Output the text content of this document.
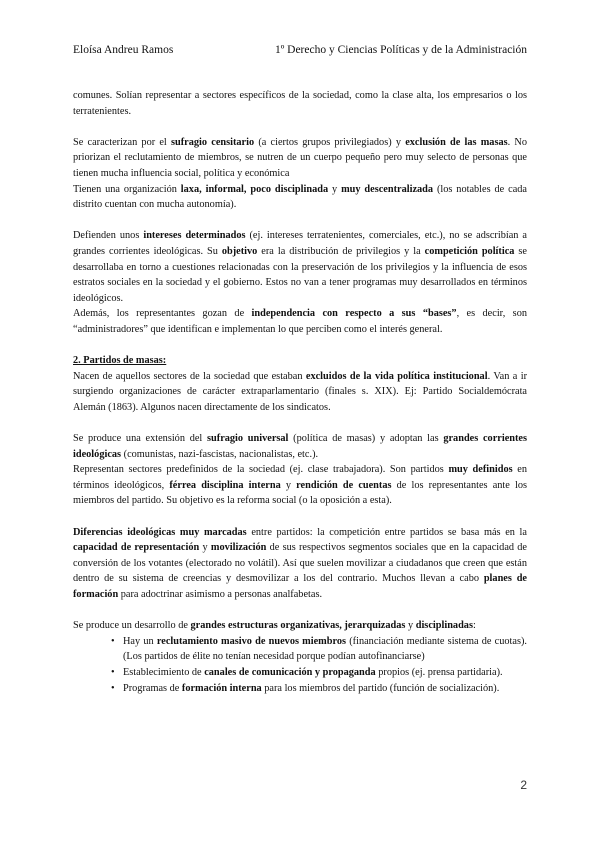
Eloísa Andreu Ramos	1º Derecho y Ciencias Políticas y de la Administración

comunes. Solían representar a sectores específicos de la sociedad, como la clase alta, los empresarios o los terratenientes.

Se caracterizan por el sufragio censitario (a ciertos grupos privilegiados) y exclusión de las masas. No priorizan el reclutamiento de miembros, se nutren de un cuerpo pequeño pero muy selecto de personas que tienen mucha influencia social, política y económica

Tienen una organización laxa, informal, poco disciplinada y muy descentralizada (los notables de cada distrito cuentan con mucha autonomía).

Defienden unos intereses determinados (ej. intereses terratenientes, comerciales, etc.), no se adscribían a grandes corrientes ideológicas. Su objetivo era la distribución de privilegios y la competición política se desarrollaba en torno a cuestiones relacionadas con la preservación de los privilegios y la influencia de esos estratos sociales en la sociedad y el gobierno. Estos no van a tener programas muy desarrollados en términos ideológicos.

Además, los representantes gozan de independencia con respecto a sus “bases”, es decir, son “administradores” que identifican e implementan lo que perciben como el interés general.

2. Partidos de masas:

Nacen de aquellos sectores de la sociedad que estaban excluidos de la vida política institucional. Van a ir surgiendo organizaciones de carácter extraparlamentario (finales s. XIX). Ej: Partido Socialdemócrata Alemán (1863). Algunos nacen directamente de los sindicatos.

Se produce una extensión del sufragio universal (política de masas) y adoptan las grandes corrientes ideológicas (comunistas, nazi-fascistas, nacionalistas, etc.).

Representan sectores predefinidos de la sociedad (ej. clase trabajadora). Son partidos muy definidos en términos ideológicos, férrea disciplina interna y rendición de cuentas de los representantes ante los miembros del partido. Su objetivo es la reforma social (o la oposición a esta).

Diferencias ideológicas muy marcadas entre partidos: la competición entre partidos se basa más en la capacidad de representación y movilización de sus respectivos segmentos sociales que en la capacidad de conversión de los votantes (electorado no volátil). Así que suelen movilizar a ciudadanos que creen que están dentro de su sistema de creencias y desmovilizar a los del contrario. Muchos llevan a cabo planes de formación para adoctrinar asimismo a personas analfabetas.

Se produce un desarrollo de grandes estructuras organizativas, jerarquizadas y disciplinadas:

• Hay un reclutamiento masivo de nuevos miembros (financiación mediante sistema de cuotas). (Los partidos de élite no tenían necesidad porque podían autofinanciarse)
• Establecimiento de canales de comunicación y propaganda propios (ej. prensa partidaria).
• Programas de formación interna para los miembros del partido (función de socialización).
2
